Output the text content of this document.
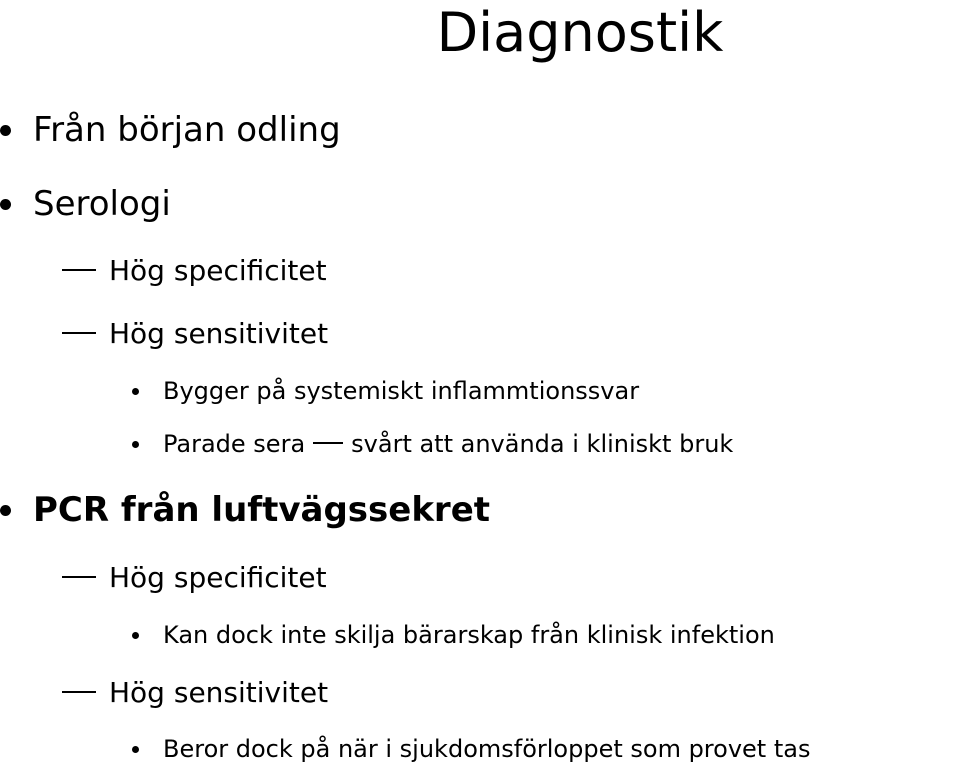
Diagnostik
Från början odling
Serologi
Hög specificitet
Hög sensitivitet
Bygger på systemiskt inflammtionssvar
Parade sera svårt att använda i kliniskt bruk
PCR från luftvägssekret
Hög specificitet
Kan dock inte skilja bärarskap från klinisk infektion
Hög sensitivitet
Beror dock på när i sjukdomsförloppet som provet tas
